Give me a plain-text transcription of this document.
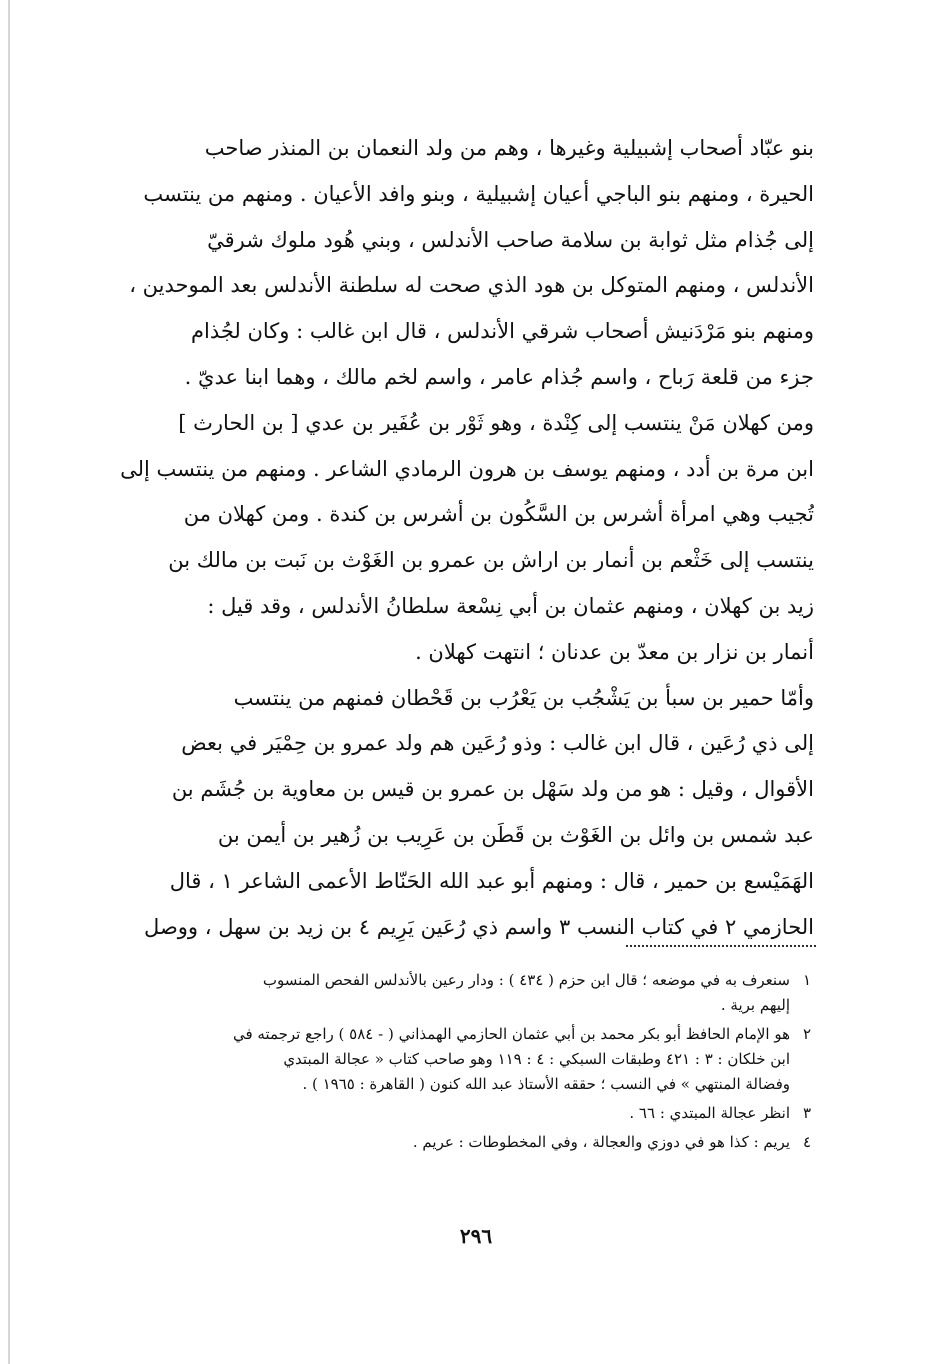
بنو عبّاد أصحاب إشبيلية وغيرها ، وهم من ولد النعمان بن المنذر صاحب
الحيرة ، ومنهم بنو الباجي أعيان إشبيلية ، وبنو وافد الأعيان . ومنهم من ينتسب
إلى جُذام مثل ثوابة بن سلامة صاحب الأندلس ، وبني هُود ملوك شرقيّ
الأندلس ، ومنهم المتوكل بن هود الذي صحت له سلطنة الأندلس بعد الموحدين ،
ومنهم بنو مَرْدَنيش أصحاب شرقي الأندلس ، قال ابن غالب : وكان لجُذام
جزء من قلعة رَباح ، واسم جُذام عامر ، واسم لخم مالك ، وهما ابنا عديّ .
ومن كهلان مَنْ ينتسب إلى كِنْدة ، وهو ثَوْر بن عُفَير بن عدي [ بن الحارث ]
ابن مرة بن أدد ، ومنهم يوسف بن هرون الرمادي الشاعر . ومنهم من ينتسب إلى
تُجيب وهي امرأة أشرس بن السَّكُون بن أشرس بن كندة . ومن كهلان من
ينتسب إلى خَثْعم بن أنمار بن اراش بن عمرو بن الغَوْث بن نَبت بن مالك بن
زيد بن كهلان ، ومنهم عثمان بن أبي نِسْعة سلطانُ الأندلس ، وقد قيل :
أنمار بن نزار بن معدّ بن عدنان ؛ انتهت كهلان .
وأمّا حمير بن سبأ بن يَشْجُب بن يَعْرُب بن قَحْطان فمنهم من ينتسب
إلى ذي رُعَين ، قال ابن غالب : وذو رُعَين هم ولد عمرو بن حِمْيَر في بعض
الأقوال ، وقيل : هو من ولد سَهْل بن عمرو بن قيس بن معاوية بن جُشَم بن
عبد شمس بن وائل بن الغَوْث بن قَطَن بن عَرِيب بن زُهير بن أيمن بن
الهَمَيْسع بن حمير ، قال : ومنهم أبو عبد الله الحَنّاط الأعمى الشاعر ١ ، قال
الحازمي ٢ في كتاب النسب ٣ واسم ذي رُعَين يَرِيم ٤ بن زيد بن سهل ، ووصل
١سنعرف به في موضعه ؛ قال ابن حزم ( ٤٣٤ ) : ودار رعين بالأندلس الفحص المنسوب
إليهم برية .
٢هو الإمام الحافظ أبو بكر محمد بن أبي عثمان الحازمي الهمذاني ( - ٥٨٤ ) راجع ترجمته في
ابن خلكان : ٣ : ٤٢١ وطبقات السبكي : ٤ : ١١٩ وهو صاحب كتاب « عجالة المبتدي
وفضالة المنتهي » في النسب ؛ حققه الأستاذ عبد الله كنون ( القاهرة : ١٩٦٥ ) .
٣انظر عجالة المبتدي : ٦٦ .
٤يريم : كذا هو في دوزي والعجالة ، وفي المخطوطات : عريم .
٢٩٦
